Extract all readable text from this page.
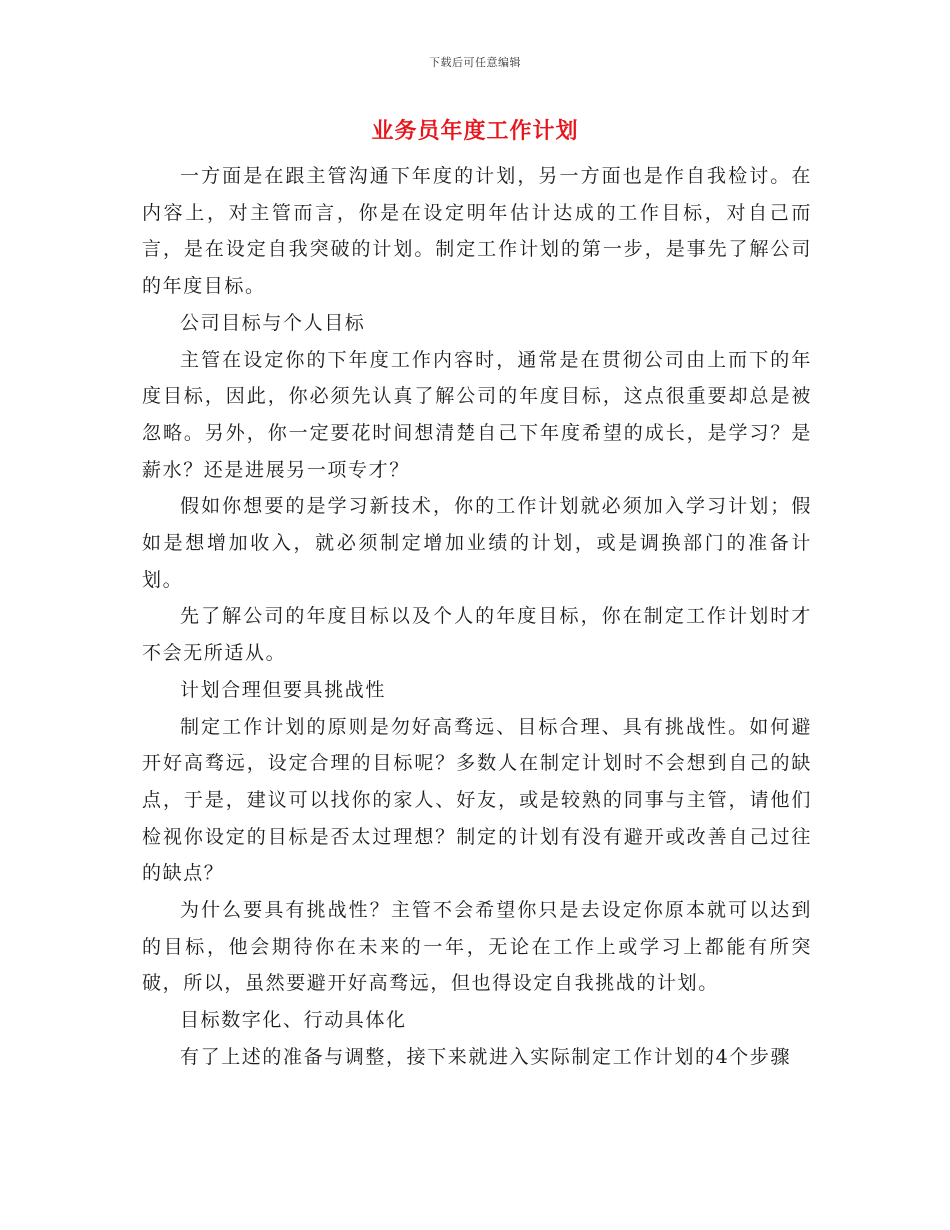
下载后可任意编辑
业务员年度工作计划

一方面是在跟主管沟通下年度的计划，另一方面也是作自我检讨。在内容上，对主管而言，你是在设定明年估计达成的工作目标，对自己而言，是在设定自我突破的计划。制定工作计划的第一步，是事先了解公司的年度目标。

公司目标与个人目标

主管在设定你的下年度工作内容时，通常是在贯彻公司由上而下的年度目标，因此，你必须先认真了解公司的年度目标，这点很重要却总是被忽略。另外，你一定要花时间想清楚自己下年度希望的成长，是学习？是薪水？还是进展另一项专才？

假如你想要的是学习新技术，你的工作计划就必须加入学习计划；假如是想增加收入，就必须制定增加业绩的计划，或是调换部门的准备计划。

先了解公司的年度目标以及个人的年度目标，你在制定工作计划时才不会无所适从。

计划合理但要具挑战性

制定工作计划的原则是勿好高骛远、目标合理、具有挑战性。如何避开好高骛远，设定合理的目标呢？多数人在制定计划时不会想到自己的缺点，于是，建议可以找你的家人、好友，或是较熟的同事与主管，请他们检视你设定的目标是否太过理想？制定的计划有没有避开或改善自己过往的缺点？

为什么要具有挑战性？主管不会希望你只是去设定你原本就可以达到的目标，他会期待你在未来的一年，无论在工作上或学习上都能有所突破，所以，虽然要避开好高骛远，但也得设定自我挑战的计划。

目标数字化、行动具体化

有了上述的准备与调整，接下来就进入实际制定工作计划的4个步骤
